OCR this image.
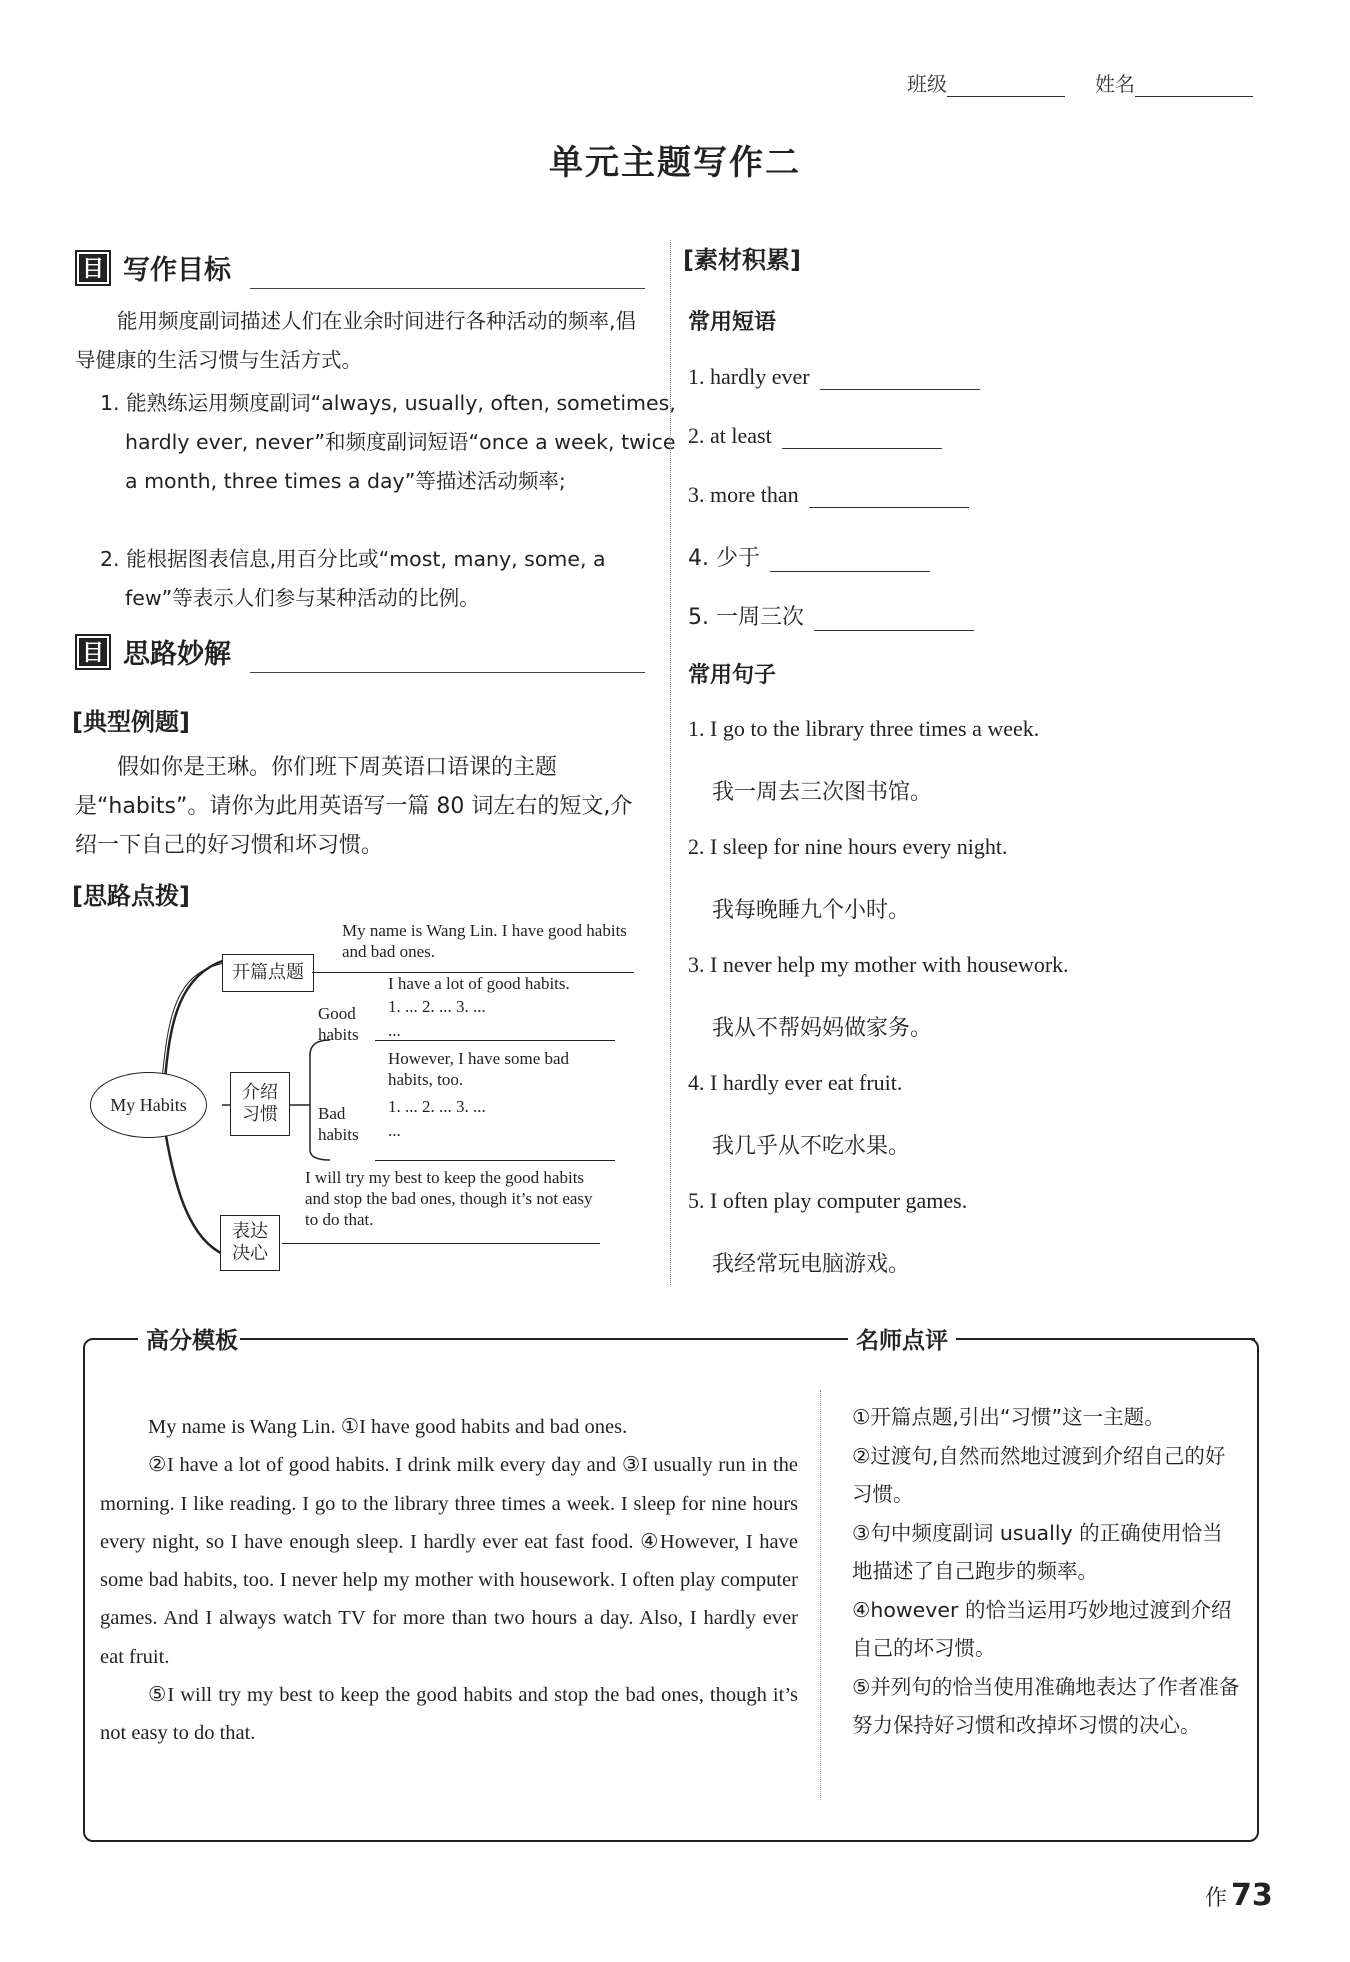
班级	姓名
单元主题写作二
目 写作目标
能用频度副词描述人们在业余时间进行各种活动的频率,倡导健康的生活习惯与生活方式。
1. 能熟练运用频度副词“always, usually, often, sometimes, hardly ever, never”和频度副词短语“once a week, twice a month, three times a day”等描述活动频率;
2. 能根据图表信息,用百分比或“most, many, some, a few”等表示人们参与某种活动的比例。
目 思路妙解
[典型例题]
假如你是王琳。你们班下周英语口语课的主题是“habits”。请你为此用英语写一篇 80 词左右的短文,介绍一下自己的好习惯和坏习惯。
[思路点拨]
My Habits
开篇点题
My name is Wang Lin. I have good habits and bad ones.
介绍习惯
Good habits
I have a lot of good habits.
1. ... 2. ... 3. ...
...
Bad habits
However, I have some bad habits, too.
1. ... 2. ... 3. ...
...
表达决心
I will try my best to keep the good habits and stop the bad ones, though it’s not easy to do that.
[素材积累]
常用短语
1. hardly ever
2. at least
3. more than
4. 少于
5. 一周三次
常用句子
1. I go to the library three times a week.
我一周去三次图书馆。
2. I sleep for nine hours every night.
我每晚睡九个小时。
3. I never help my mother with housework.
我从不帮妈妈做家务。
4. I hardly ever eat fruit.
我几乎从不吃水果。
5. I often play computer games.
我经常玩电脑游戏。
高分模板	名师点评

My name is Wang Lin. ①I have good habits and bad ones.

②I have a lot of good habits. I drink milk every day and ③I usually run in the morning. I like reading. I go to the library three times a week. I sleep for nine hours every night, so I have enough sleep. I hardly ever eat fast food. ④However, I have some bad habits, too. I never help my mother with housework. I often play computer games. And I always watch TV for more than two hours a day. Also, I hardly ever eat fruit.

⑤I will try my best to keep the good habits and stop the bad ones, though it’s not easy to do that.

①开篇点题,引出“习惯”这一主题。

②过渡句,自然而然地过渡到介绍自己的好习惯。

③句中频度副词 usually 的正确使用恰当地描述了自己跑步的频率。

④however 的恰当运用巧妙地过渡到介绍自己的坏习惯。

⑤并列句的恰当使用准确地表达了作者准备努力保持好习惯和改掉坏习惯的决心。

作 73
